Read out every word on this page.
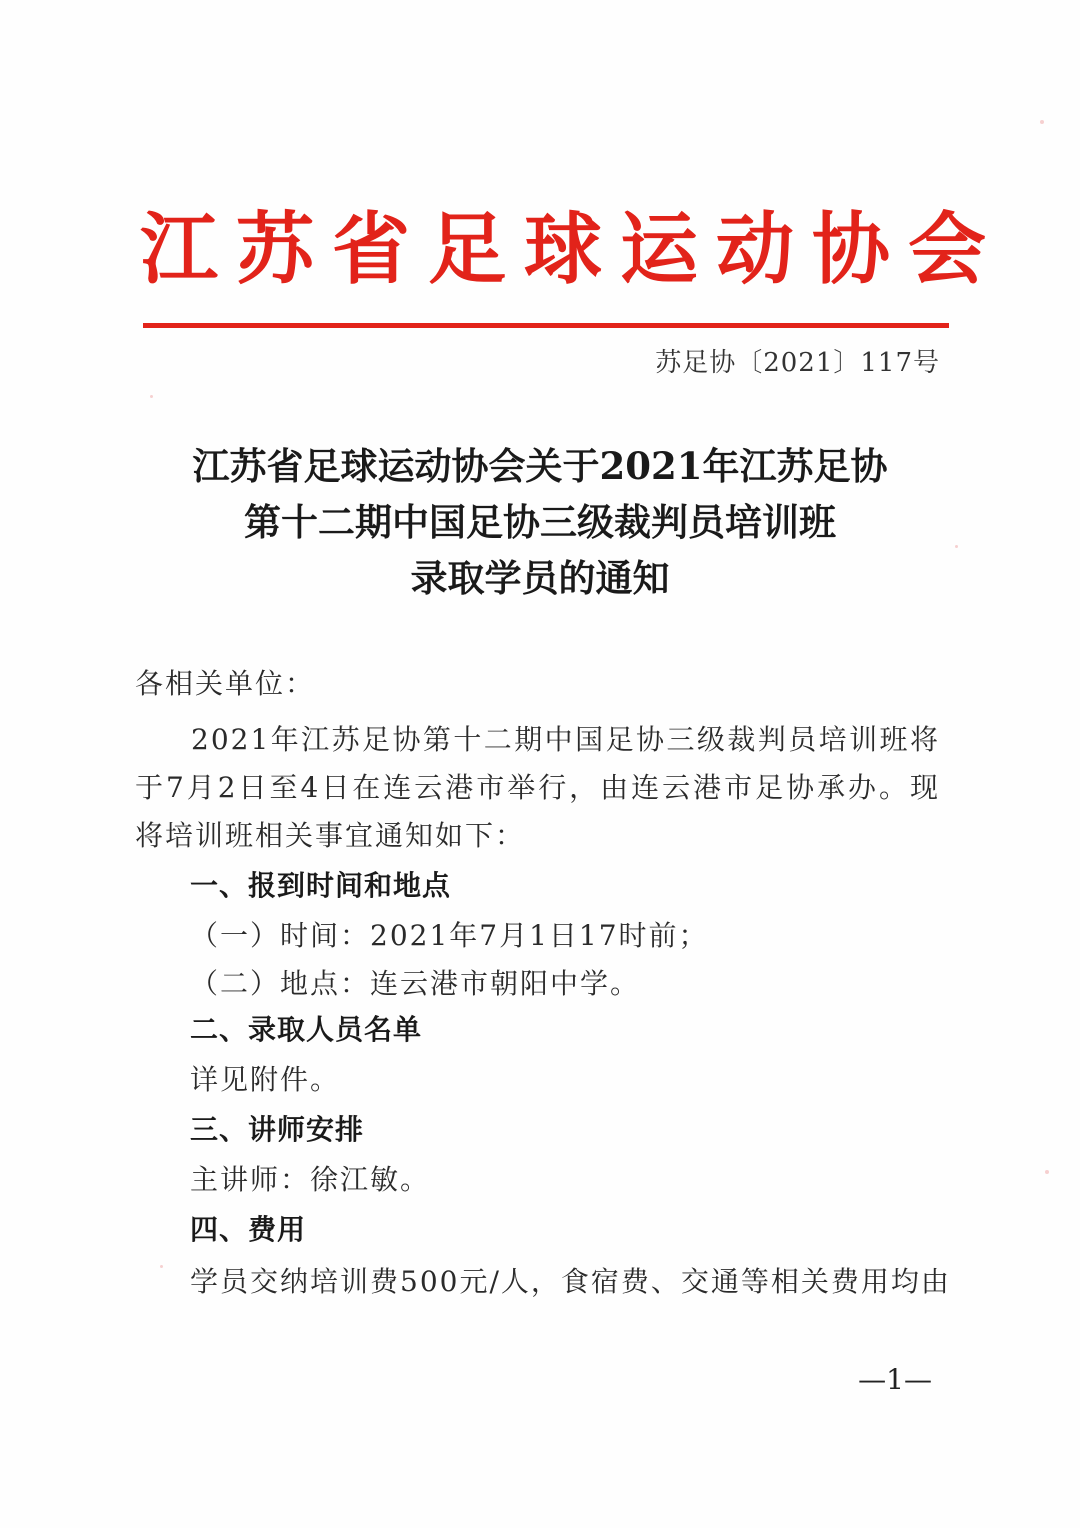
江苏省足球运动协会
苏足协〔2021〕117号
江苏省足球运动协会关于2021年江苏足协
第十二期中国足协三级裁判员培训班
录取学员的通知
各相关单位：
2021年江苏足协第十二期中国足协三级裁判员培训班将于7月2日至4日在连云港市举行，由连云港市足协承办。现将培训班相关事宜通知如下：
一、报到时间和地点
（一）时间：2021年7月1日17时前；
（二）地点：连云港市朝阳中学。
二、录取人员名单
详见附件。
三、讲师安排
主讲师：徐江敏。
四、费用
学员交纳培训费500元/人，食宿费、交通等相关费用均由
—1—
